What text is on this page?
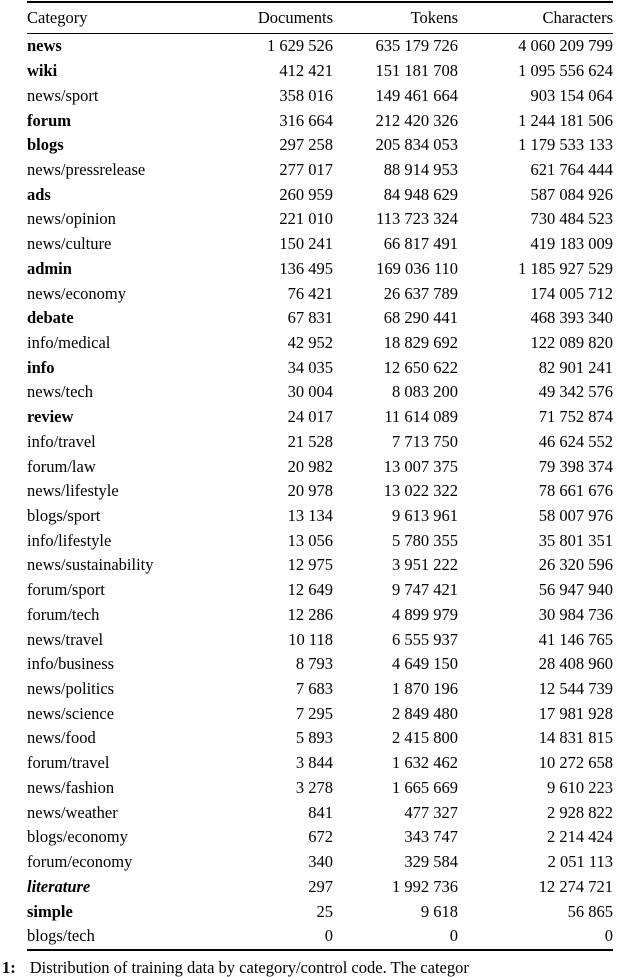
Category	Documents	Tokens	Characters
news	1 629 526	635 179 726	4 060 209 799
wiki	412 421	151 181 708	1 095 556 624
news/sport	358 016	149 461 664	903 154 064
forum	316 664	212 420 326	1 244 181 506
blogs	297 258	205 834 053	1 179 533 133
news/pressrelease	277 017	88 914 953	621 764 444
ads	260 959	84 948 629	587 084 926
news/opinion	221 010	113 723 324	730 484 523
news/culture	150 241	66 817 491	419 183 009
admin	136 495	169 036 110	1 185 927 529
news/economy	76 421	26 637 789	174 005 712
debate	67 831	68 290 441	468 393 340
info/medical	42 952	18 829 692	122 089 820
info	34 035	12 650 622	82 901 241
news/tech	30 004	8 083 200	49 342 576
review	24 017	11 614 089	71 752 874
info/travel	21 528	7 713 750	46 624 552
forum/law	20 982	13 007 375	79 398 374
news/lifestyle	20 978	13 022 322	78 661 676
blogs/sport	13 134	9 613 961	58 007 976
info/lifestyle	13 056	5 780 355	35 801 351
news/sustainability	12 975	3 951 222	26 320 596
forum/sport	12 649	9 747 421	56 947 940
forum/tech	12 286	4 899 979	30 984 736
news/travel	10 118	6 555 937	41 146 765
info/business	8 793	4 649 150	28 408 960
news/politics	7 683	1 870 196	12 544 739
news/science	7 295	2 849 480	17 981 928
news/food	5 893	2 415 800	14 831 815
forum/travel	3 844	1 632 462	10 272 658
news/fashion	3 278	1 665 669	9 610 223
news/weather	841	477 327	2 928 822
blogs/economy	672	343 747	2 214 424
forum/economy	340	329 584	2 051 113
literature	297	1 992 736	12 274 721
simple	25	9 618	56 865
blogs/tech	0	0	0
1: Distribution of training data by category/control code. The categor
